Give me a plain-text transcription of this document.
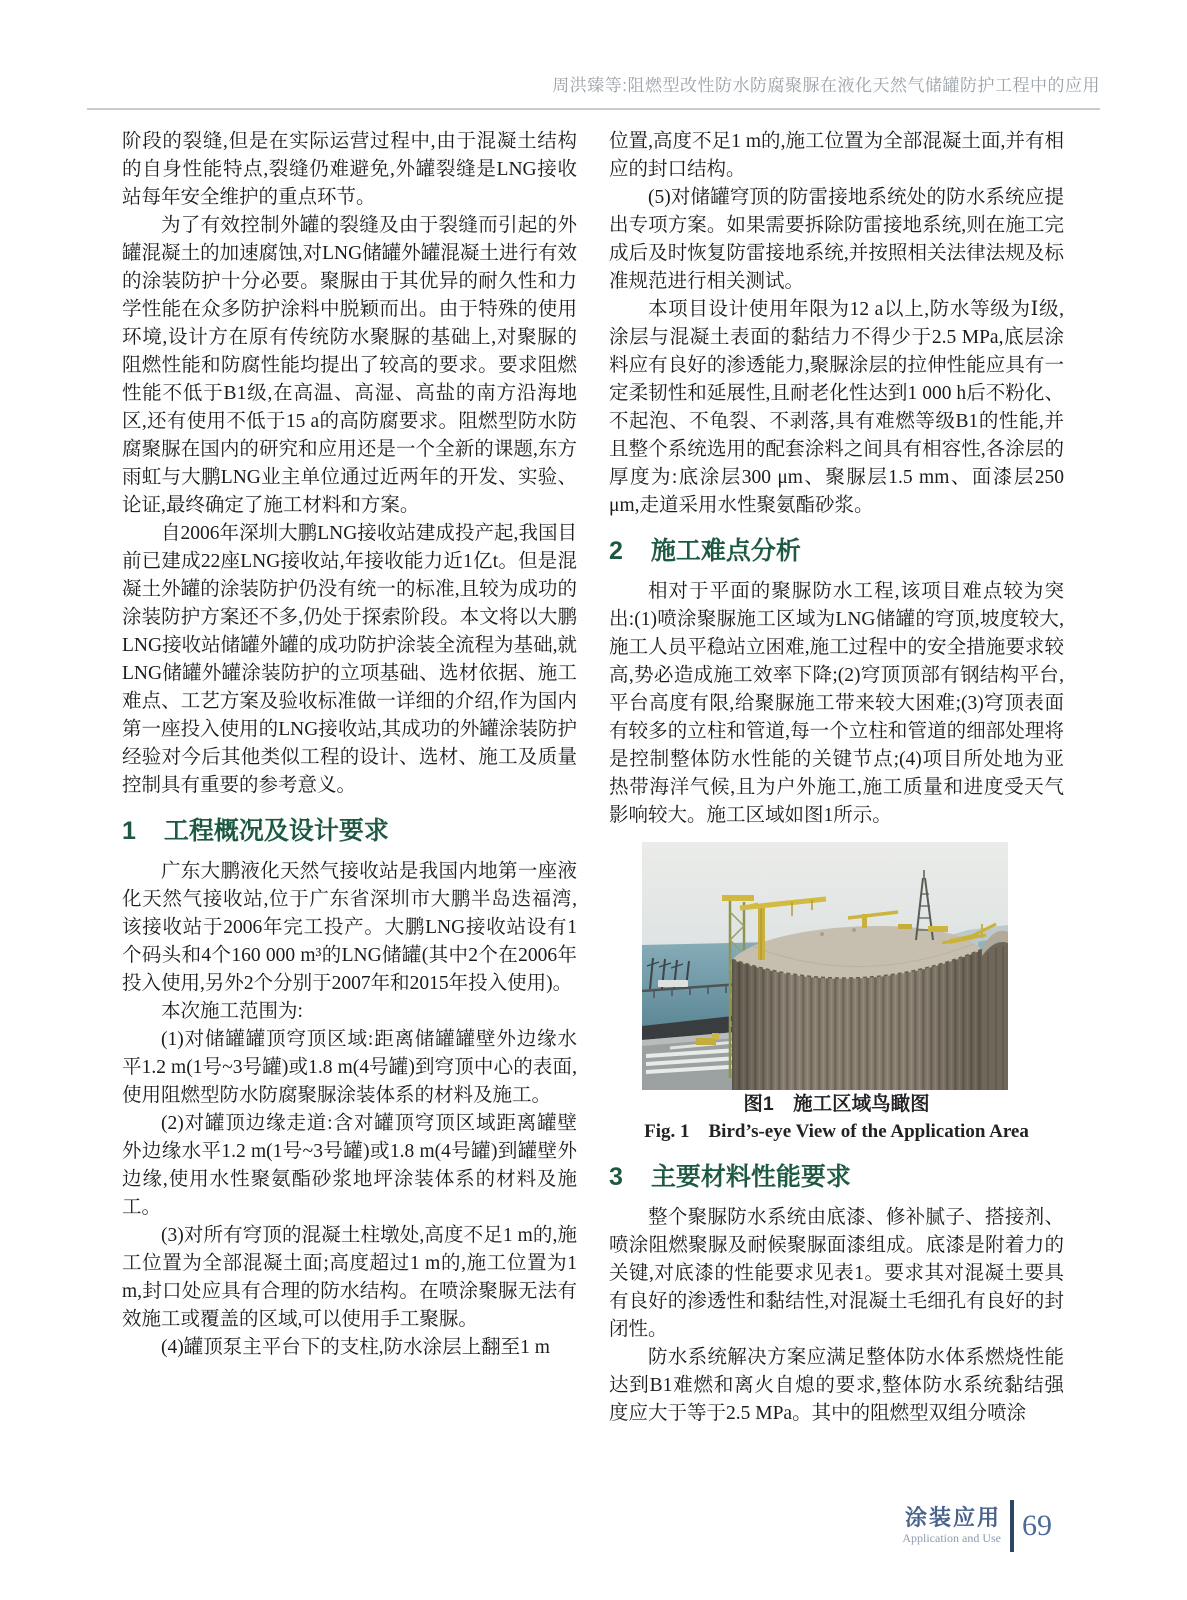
周洪臻等:阻燃型改性防水防腐聚脲在液化天然气储罐防护工程中的应用

阶段的裂缝,但是在实际运营过程中,由于混凝土结构的自身性能特点,裂缝仍难避免,外罐裂缝是LNG接收站每年安全维护的重点环节。

为了有效控制外罐的裂缝及由于裂缝而引起的外罐混凝土的加速腐蚀,对LNG储罐外罐混凝土进行有效的涂装防护十分必要。聚脲由于其优异的耐久性和力学性能在众多防护涂料中脱颖而出。由于特殊的使用环境,设计方在原有传统防水聚脲的基础上,对聚脲的阻燃性能和防腐性能均提出了较高的要求。要求阻燃性能不低于B1级,在高温、高湿、高盐的南方沿海地区,还有使用不低于15 a的高防腐要求。阻燃型防水防腐聚脲在国内的研究和应用还是一个全新的课题,东方雨虹与大鹏LNG业主单位通过近两年的开发、实验、论证,最终确定了施工材料和方案。

自2006年深圳大鹏LNG接收站建成投产起,我国目前已建成22座LNG接收站,年接收能力近1亿t。但是混凝土外罐的涂装防护仍没有统一的标准,且较为成功的涂装防护方案还不多,仍处于探索阶段。本文将以大鹏LNG接收站储罐外罐的成功防护涂装全流程为基础,就LNG储罐外罐涂装防护的立项基础、选材依据、施工难点、工艺方案及验收标准做一详细的介绍,作为国内第一座投入使用的LNG接收站,其成功的外罐涂装防护经验对今后其他类似工程的设计、选材、施工及质量控制具有重要的参考意义。

1 工程概况及设计要求

广东大鹏液化天然气接收站是我国内地第一座液化天然气接收站,位于广东省深圳市大鹏半岛迭福湾,该接收站于2006年完工投产。大鹏LNG接收站设有1个码头和4个160 000 m³的LNG储罐(其中2个在2006年投入使用,另外2个分别于2007年和2015年投入使用)。

本次施工范围为:

(1)对储罐罐顶穹顶区域:距离储罐罐壁外边缘水平1.2 m(1号~3号罐)或1.8 m(4号罐)到穹顶中心的表面,使用阻燃型防水防腐聚脲涂装体系的材料及施工。

(2)对罐顶边缘走道:含对罐顶穹顶区域距离罐壁外边缘水平1.2 m(1号~3号罐)或1.8 m(4号罐)到罐壁外边缘,使用水性聚氨酯砂浆地坪涂装体系的材料及施工。

(3)对所有穹顶的混凝土柱墩处,高度不足1 m的,施工位置为全部混凝土面;高度超过1 m的,施工位置为1 m,封口处应具有合理的防水结构。在喷涂聚脲无法有效施工或覆盖的区域,可以使用手工聚脲。

(4)罐顶泵主平台下的支柱,防水涂层上翻至1 m

位置,高度不足1 m的,施工位置为全部混凝土面,并有相应的封口结构。

(5)对储罐穹顶的防雷接地系统处的防水系统应提出专项方案。如果需要拆除防雷接地系统,则在施工完成后及时恢复防雷接地系统,并按照相关法律法规及标准规范进行相关测试。

本项目设计使用年限为12 a以上,防水等级为Ⅰ级,涂层与混凝土表面的黏结力不得少于2.5 MPa,底层涂料应有良好的渗透能力,聚脲涂层的拉伸性能应具有一定柔韧性和延展性,且耐老化性达到1 000 h后不粉化、不起泡、不龟裂、不剥落,具有难燃等级B1的性能,并且整个系统选用的配套涂料之间具有相容性,各涂层的厚度为:底涂层300 μm、聚脲层1.5 mm、面漆层250 μm,走道采用水性聚氨酯砂浆。

2 施工难点分析

相对于平面的聚脲防水工程,该项目难点较为突出:(1)喷涂聚脲施工区域为LNG储罐的穹顶,坡度较大,施工人员平稳站立困难,施工过程中的安全措施要求较高,势必造成施工效率下降;(2)穹顶顶部有钢结构平台,平台高度有限,给聚脲施工带来较大困难;(3)穹顶表面有较多的立柱和管道,每一个立柱和管道的细部处理将是控制整体防水性能的关键节点;(4)项目所处地为亚热带海洋气候,且为户外施工,施工质量和进度受天气影响较大。施工区域如图1所示。

图1　施工区域鸟瞰图

Fig. 1　Bird’s-eye View of the Application Area

3 主要材料性能要求

整个聚脲防水系统由底漆、修补腻子、搭接剂、喷涂阻燃聚脲及耐候聚脲面漆组成。底漆是附着力的关键,对底漆的性能要求见表1。要求其对混凝土要具有良好的渗透性和黏结性,对混凝土毛细孔有良好的封闭性。

防水系统解决方案应满足整体防水体系燃烧性能达到B1难燃和离火自熄的要求,整体防水系统黏结强度应大于等于2.5 MPa。其中的阻燃型双组分喷涂

涂装应用
Application and Use 69
